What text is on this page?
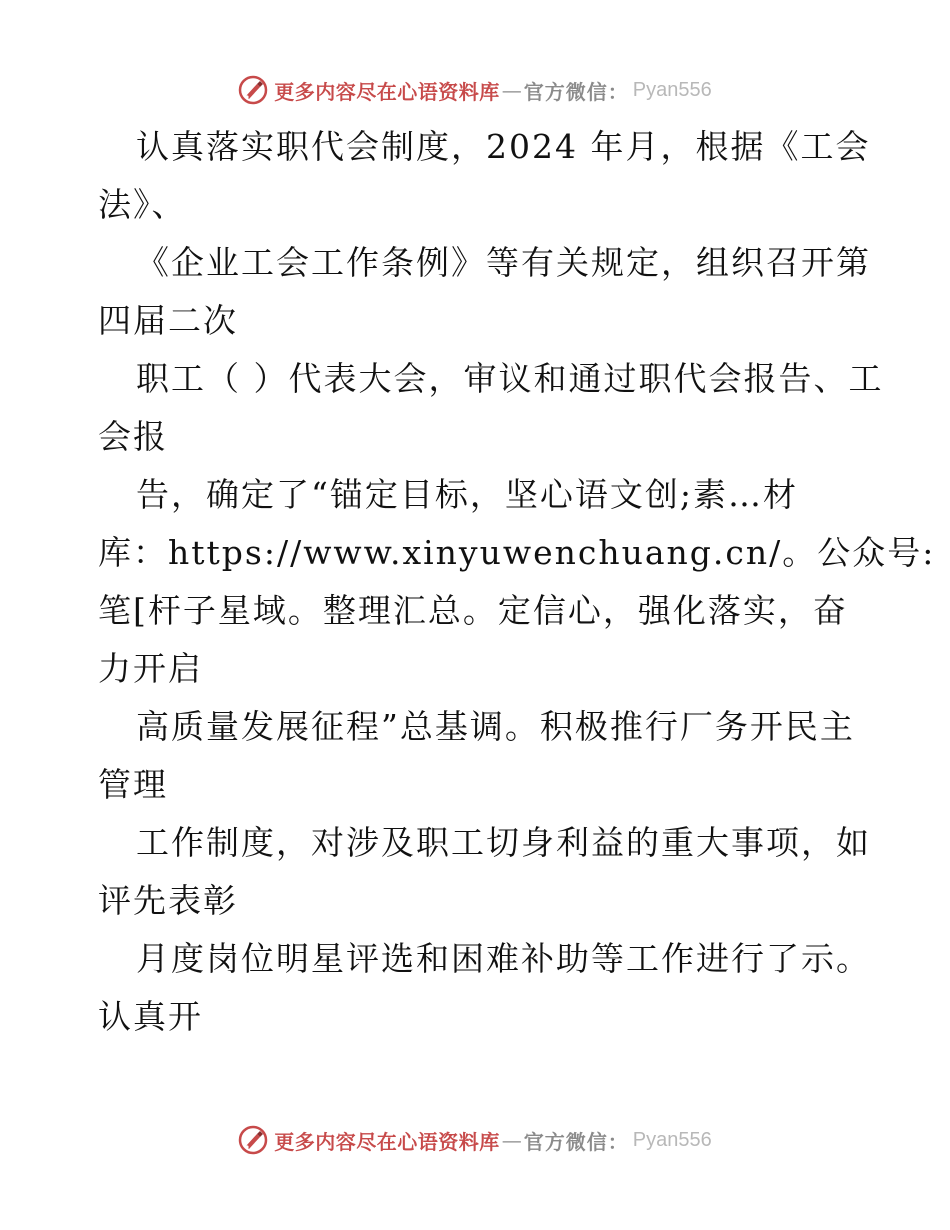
更多内容尽在心语资料库 — 官方微信： Pyan556
认真落实职代会制度，2024 年月，根据《工会
法》、
《企业工会工作条例》等有关规定，组织召开第
四届二次
职工（ ）代表大会，审议和通过职代会报告、工
会报
告，确定了“锚定目标，坚心语文创;素…材
库：https://www.xinyuwenchuang.cn/。公众号:
笔[杆子星域。整理汇总。定信心，强化落实，奋
力开启
高质量发展征程”总基调。积极推行厂务开民主
管理
工作制度，对涉及职工切身利益的重大事项，如
评先表彰
月度岗位明星评选和困难补助等工作进行了示。
认真开
更多内容尽在心语资料库 — 官方微信： Pyan556
